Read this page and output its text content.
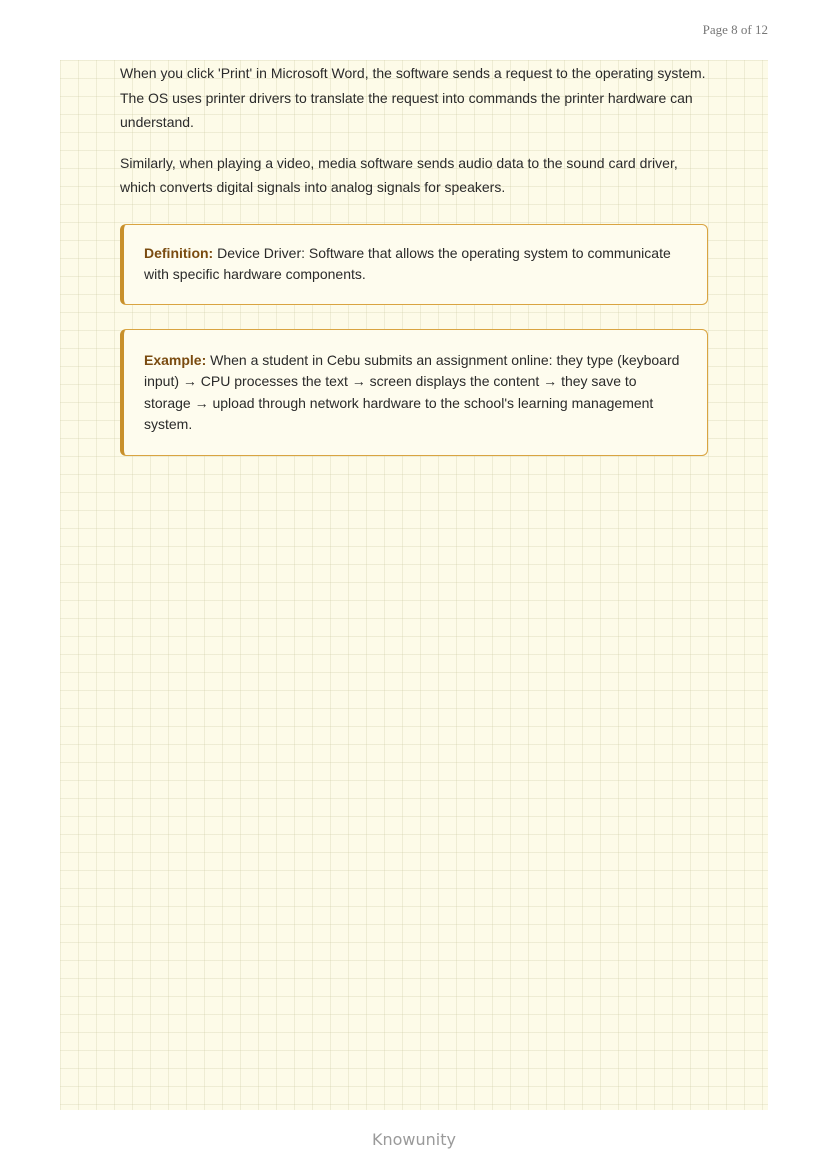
Page 8 of 12

When you click 'Print' in Microsoft Word, the software sends a request to the operating system. The OS uses printer drivers to translate the request into commands the printer hardware can understand.

Similarly, when playing a video, media software sends audio data to the sound card driver, which converts digital signals into analog signals for speakers.

Definition: Device Driver: Software that allows the operating system to communicate with specific hardware components.
Example: When a student in Cebu submits an assignment online: they type (keyboard input) → CPU processes the text → screen displays the content → they save to storage → upload through network hardware to the school's learning management system.
Knowunity
